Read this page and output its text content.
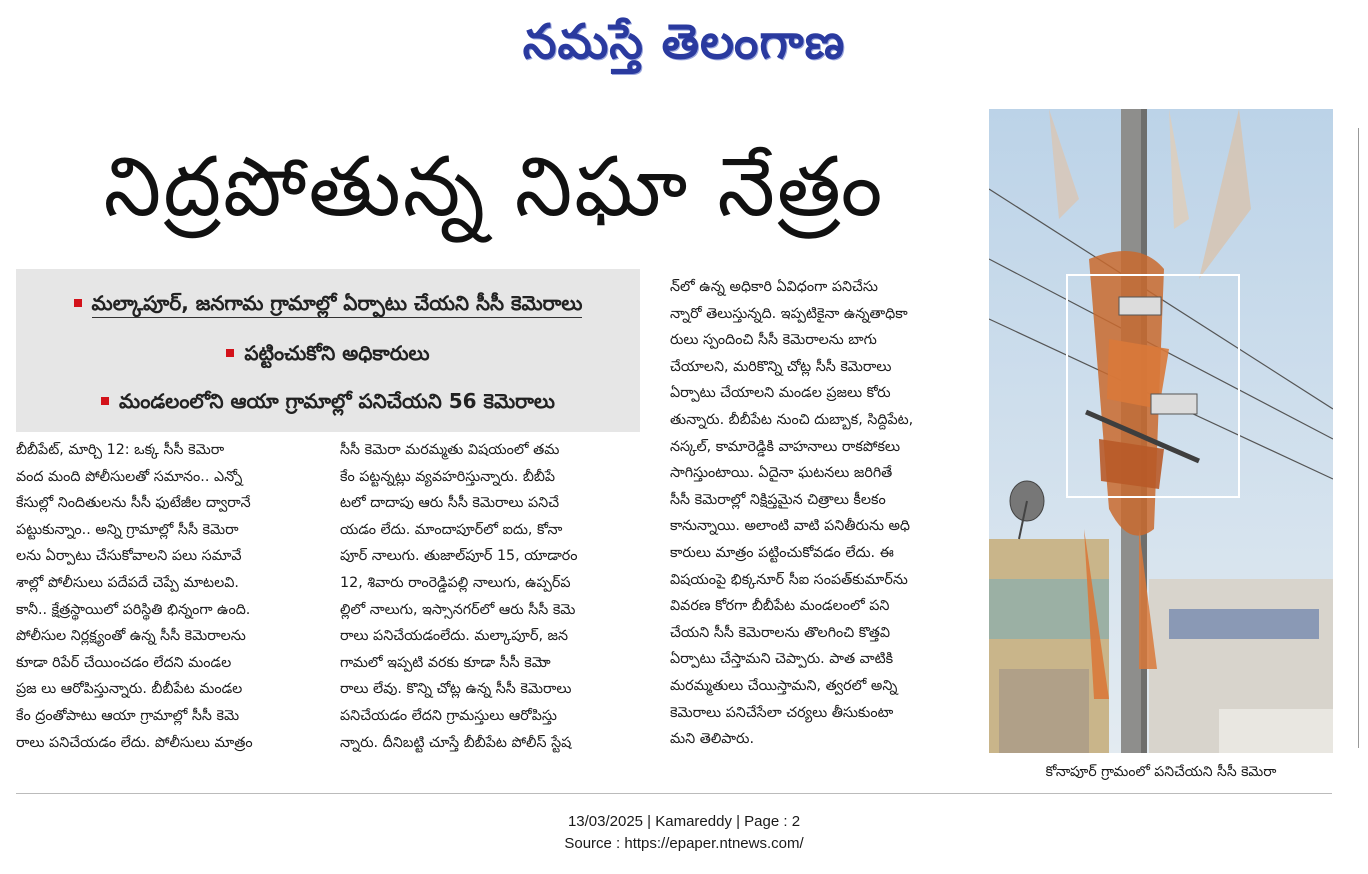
నమస్తే తెలంగాణ
నిద్రపోతున్న నిఘా నేత్రం
మల్కాపూర్, జనగామ గ్రామాల్లో ఏర్పాటు చేయని సీసీ కెమెరాలు
పట్టించుకోని అధికారులు
మండలంలోని ఆయా గ్రామాల్లో పనిచేయని 56 కెమెరాలు
బీబీపేట్, మార్చి 12: ఒక్క సీసీ కెమెరా
వంద మంది పోలీసులతో సమానం.. ఎన్నో
కేసుల్లో నిందితులను సీసీ ఫుటేజీల ద్వారానే
పట్టుకున్నాం.. అన్ని గ్రామాల్లో సీసీ కెమెరా
లను ఏర్పాటు చేసుకోవాలని పలు సమావే
శాల్లో పోలీసులు పదేపదే చెప్పే మాటలవి.
కానీ.. క్షేత్రస్థాయిలో పరిస్థితి భిన్నంగా ఉంది.
పోలీసుల నిర్లక్ష్యంతో ఉన్న సీసీ కెమెరాలను
కూడా రిపేర్ చేయించడం లేదని మండల
ప్రజ లు ఆరోపిస్తున్నారు. బీబీపేట మండల
కేం ద్రంతోపాటు ఆయా గ్రామాల్లో సీసీ కెమె
రాలు పనిచేయడం లేదు. పోలీసులు మాత్రం
సీసీ కెమెరా మరమ్మతు విషయంలో తమ
కేం పట్టన్నట్లు వ్యవహరిస్తున్నారు. బీబీపే
టలో దాదాపు ఆరు సీసీ కెమెరాలు పనిచే
యడం లేదు. మాందాపూర్‌లో ఐదు, కోనా
పూర్ నాలుగు. తుజాల్‌పూర్ 15, యాడారం
12, శివారు రాంరెడ్డిపల్లి నాలుగు, ఉప్పర్‌ప
ల్లిలో నాలుగు, ఇస్సానగర్‌లో ఆరు సీసీ కెమె
రాలు పనిచేయడంలేదు. మల్కాపూర్, జన
గామలో ఇప్పటి వరకు కూడా సీసీ కెమెా
రాలు లేవు. కొన్ని చోట్ల ఉన్న సీసీ కెమెరాలు
పనిచేయడం లేదని గ్రామస్తులు ఆరోపిస్తు
న్నారు. దీనిబట్టి చూస్తే బీబీపేట పోలీస్ స్టేష
న్‌లో ఉన్న అధికారి ఏవిధంగా పనిచేసు
న్నారో తెలుస్తున్నది. ఇప్పటికైనా ఉన్నతాధికా
రులు స్పందించి సీసీ కెమెరాలను బాగు
చేయాలని, మరికొన్ని చోట్ల సీసీ కెమెరాలు
ఏర్పాటు చేయాలని మండల ప్రజలు కోరు
తున్నారు. బీబీపేట నుంచి దుబ్బాక, సిద్దిపేట,
నస్కల్, కామారెడ్డికి వాహనాలు రాకపోకలు
సాగిస్తుంటాయి. ఏదైనా ఘటనలు జరిగితే
సీసీ కెమెరాల్లో నిక్షిప్తమైన చిత్రాలు కీలకం
కానున్నాయి. అలాంటి వాటి పనితీరును అధి
కారులు మాత్రం పట్టించుకోవడం లేదు. ఈ
విషయంపై భిక్కనూర్ సీఐ సంపత్‌కుమార్‌ను
వివరణ కోరగా బీబీపేట మండలంలో పని
చేయని సీసీ కెమెరాలను తొలగించి కొత్తవి
ఏర్పాటు చేస్తామని చెప్పారు. పాత వాటికి
మరమ్మతులు చేయిస్తామని, త్వరలో అన్ని
కెమెరాలు పనిచేసేలా చర్యలు తీసుకుంటా
మని తెలిపారు.
కోనాపూర్ గ్రామంలో పనిచేయని సీసీ కెమెరా
13/03/2025 | Kamareddy | Page : 2
Source : https://epaper.ntnews.com/
